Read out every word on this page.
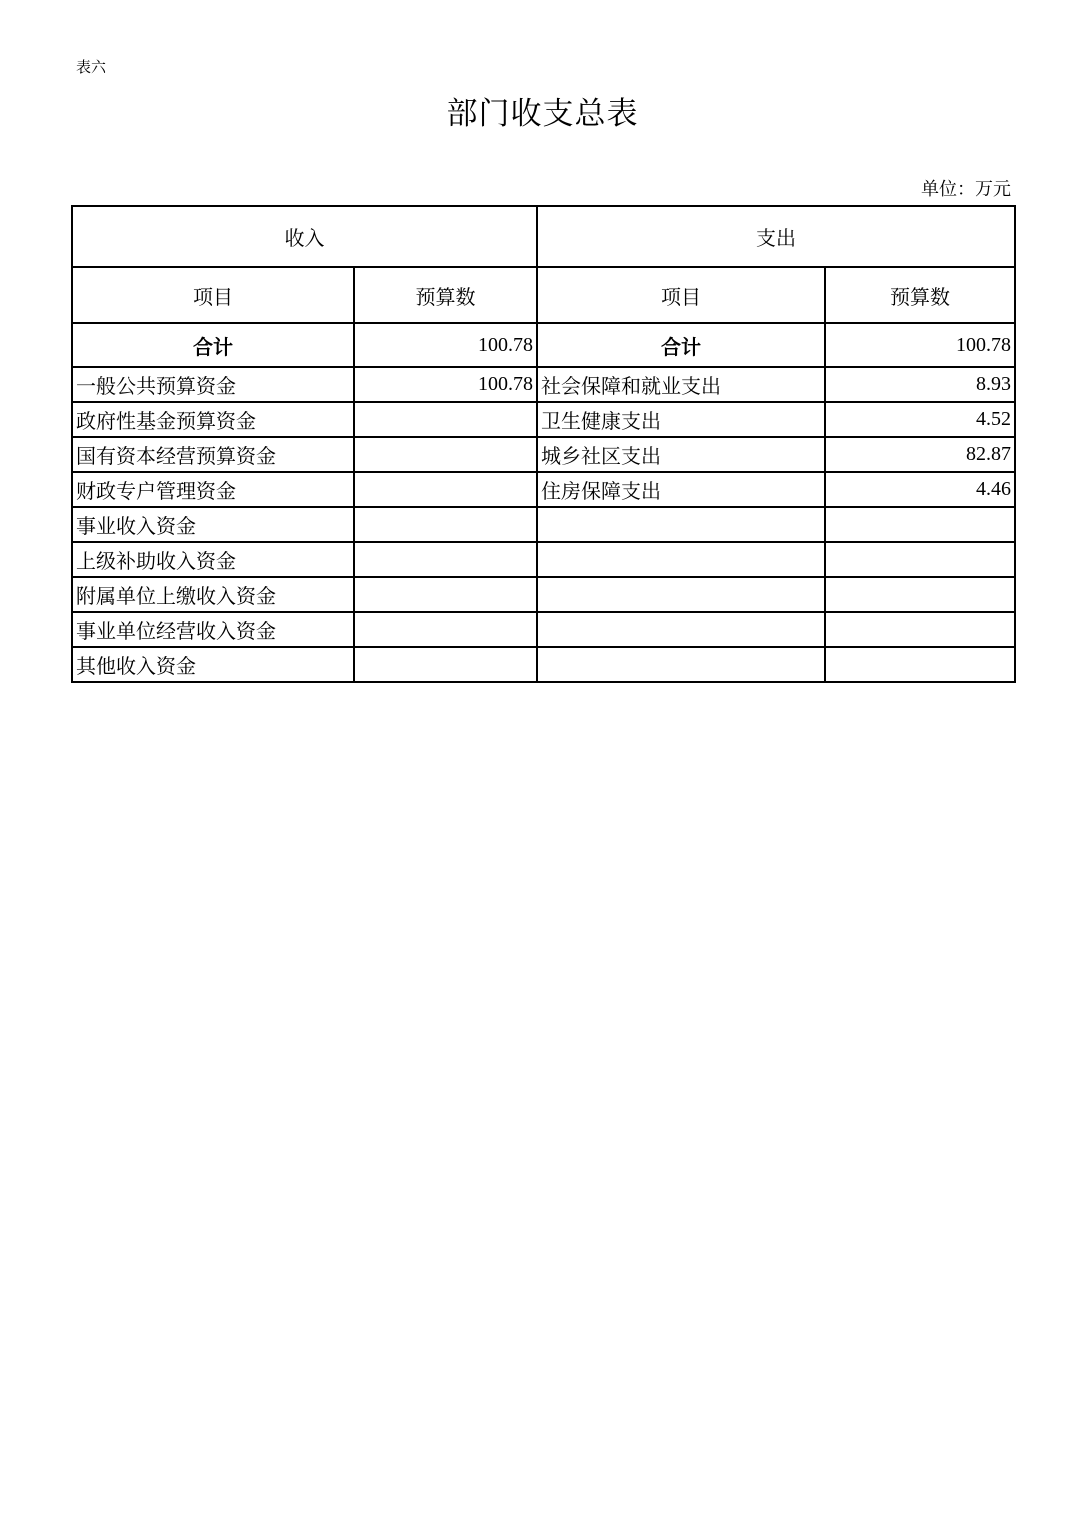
表六
部门收支总表
单位：万元
收入		支出	
项目	预算数	项目	预算数
合计	100.78	合计	100.78
一般公共预算资金	100.78	社会保障和就业支出	8.93
政府性基金预算资金		卫生健康支出	4.52
国有资本经营预算资金		城乡社区支出	82.87
财政专户管理资金		住房保障支出	4.46
事业收入资金			
上级补助收入资金			
附属单位上缴收入资金			
事业单位经营收入资金			
其他收入资金			
